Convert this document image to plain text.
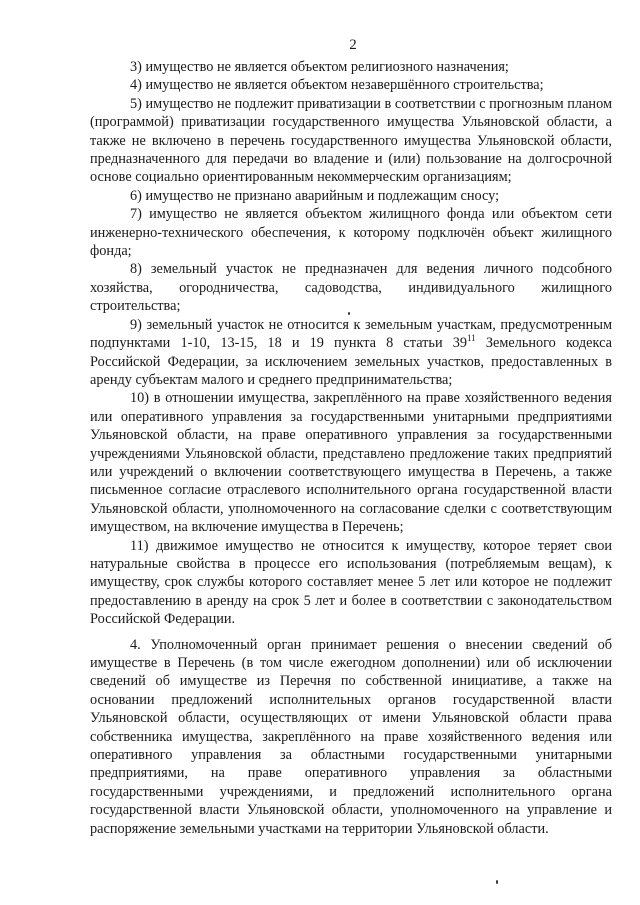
2

3) имущество не является объектом религиозного назначения;

4) имущество не является объектом незавершённого строительства;

5) имущество не подлежит приватизации в соответствии с прогнозным планом (программой) приватизации государственного имущества Ульяновской области, а также не включено в перечень государственного имущества Ульяновской области, предназначенного для передачи во владение и (или) пользование на долгосрочной основе социально ориентированным некоммерческим организациям;

6) имущество не признано аварийным и подлежащим сносу;

7) имущество не является объектом жилищного фонда или объектом сети инженерно-технического обеспечения, к которому подключён объект жилищного фонда;

8) земельный участок не предназначен для ведения личного подсобного хозяйства, огородничества, садоводства, индивидуального жилищного строительства;

9) земельный участок не относится к земельным участкам, предусмотренным подпунктами 1-10, 13-15, 18 и 19 пункта 8 статьи $39^{11}$ Земельного кодекса Российской Федерации, за исключением земельных участков, предоставленных в аренду субъектам малого и среднего предпринимательства;

10) в отношении имущества, закреплённого на праве хозяйственного ведения или оперативного управления за государственными унитарными предприятиями Ульяновской области, на праве оперативного управления за государственными учреждениями Ульяновской области, представлено предложение таких предприятий или учреждений о включении соответствующего имущества в Перечень, а также письменное согласие отраслевого исполнительного органа государственной власти Ульяновской области, уполномоченного на согласование сделки с соответствующим имуществом, на включение имущества в Перечень;

11) движимое имущество не относится к имуществу, которое теряет свои натуральные свойства в процессе его использования (потребляемым вещам), к имуществу, срок службы которого составляет менее 5 лет или которое не подлежит предоставлению в аренду на срок 5 лет и более в соответствии с законодательством Российской Федерации.

4. Уполномоченный орган принимает решения о внесении сведений об имуществе в Перечень (в том числе ежегодном дополнении) или об исключении сведений об имуществе из Перечня по собственной инициативе, а также на основании предложений исполнительных органов государственной власти Ульяновской области, осуществляющих от имени Ульяновской области права собственника имущества, закреплённого на праве хозяйственного ведения или оперативного управления за областными государственными унитарными предприятиями, на праве оперативного управления за областными государственными учреждениями, и предложений исполнительного органа государственной власти Ульяновской области, уполномоченного на управление и распоряжение земельными участками на территории Ульяновской области.
